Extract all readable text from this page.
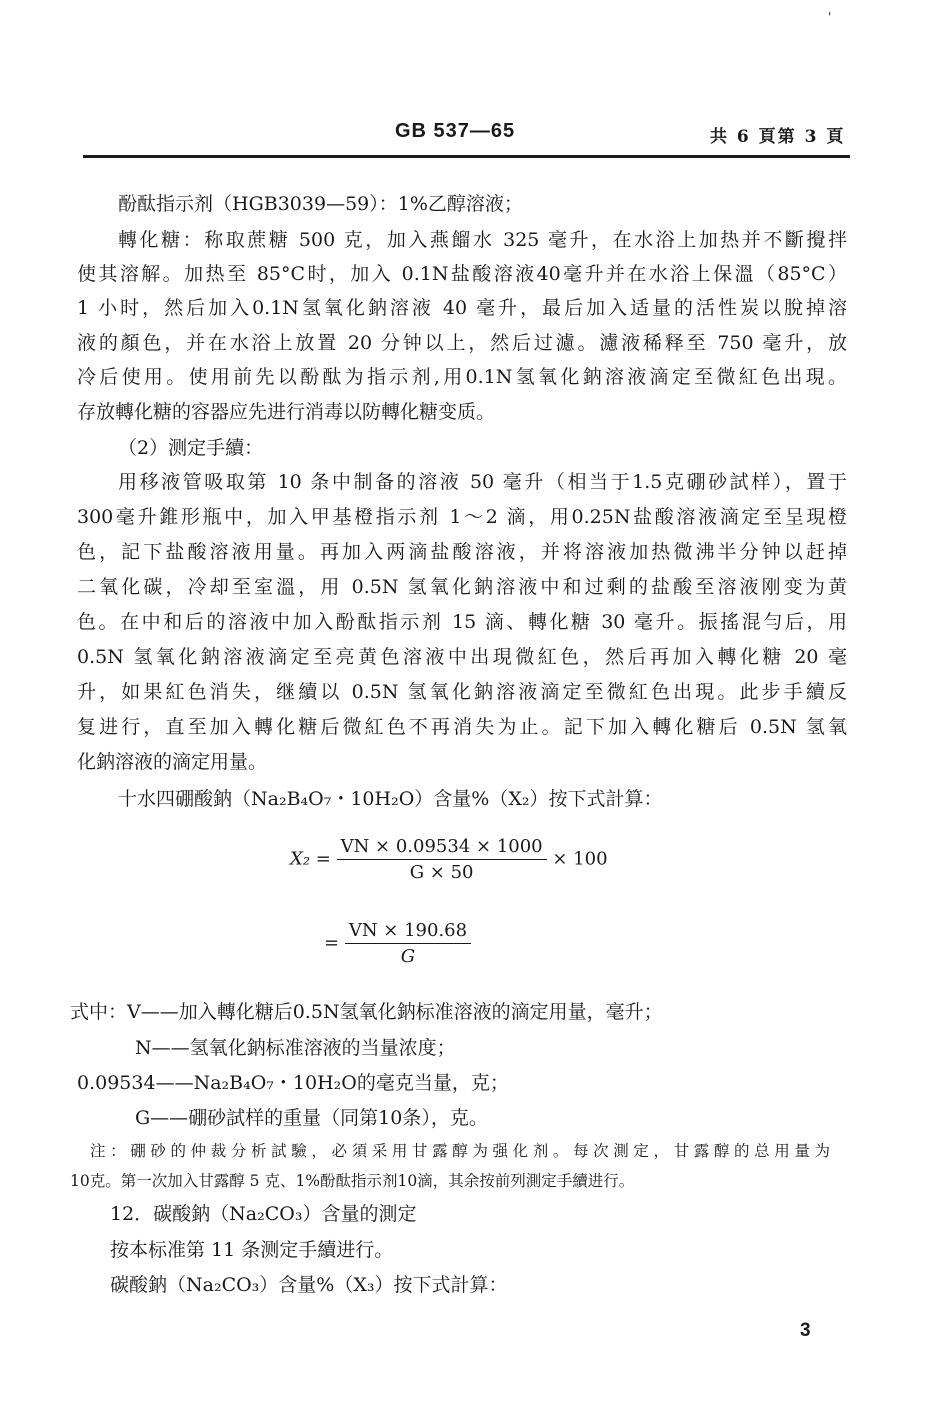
'
GB 537—65	共 6 頁第 3 頁
酚酞指示剂（HGB3039—59）：1%乙醇溶液；
轉化糖：称取蔗糖 500 克，加入燕餾水 325 毫升，在水浴上加热并不斷攪拌
使其溶解。加热至 85°C时，加入 0.1N盐酸溶液40毫升并在水浴上保溫（85°C）
1 小时，然后加入0.1N氢氧化鈉溶液 40 毫升，最后加入适量的活性炭以脫掉溶
液的顏色，并在水浴上放置 20 分钟以上，然后过濾。濾液稀释至 750 毫升，放
冷后使用。使用前先以酚酞为指示剂,用0.1N氢氧化鈉溶液滴定至微紅色出現。
存放轉化糖的容器应先进行消毒以防轉化糖变质。
（2）测定手續：
用移液管吸取第 10 条中制备的溶液 50 毫升（相当于1.5克硼砂試样），置于
300毫升錐形瓶中，加入甲基橙指示剂 1～2 滴，用0.25N盐酸溶液滴定至呈現橙
色，記下盐酸溶液用量。再加入两滴盐酸溶液，并将溶液加热微沸半分钟以赶掉
二氧化碳，冷却至室溫，用 0.5N 氢氧化鈉溶液中和过剩的盐酸至溶液刚变为黄
色。在中和后的溶液中加入酚酞指示剂 15 滴、轉化糖 30 毫升。振搖混勻后，用
0.5N 氢氧化鈉溶液滴定至亮黄色溶液中出現微紅色，然后再加入轉化糖 20 毫
升，如果紅色消失，继續以 0.5N 氢氧化鈉溶液滴定至微紅色出現。此步手續反
复进行，直至加入轉化糖后微紅色不再消失为止。記下加入轉化糖后 0.5N 氢氧
化鈉溶液的滴定用量。
十水四硼酸鈉（Na₂B₄O₇・10H₂O）含量%（X₂）按下式計算：
$X_2 = \frac{VN \times 0.09534 \times 1000}{G \times 50} \times 100$
= $\frac{VN \times 190.68}{G}$
式中：V——加入轉化糖后0.5N氢氧化鈉标准溶液的滴定用量，毫升；
N——氢氧化鈉标准溶液的当量浓度；
0.09534——Na₂B₄O₇・10H₂O的毫克当量，克；
G——硼砂試样的重量（同第10条），克。
注：硼砂的仲裁分析試驗，必須采用甘露醇为强化剂。每次測定，甘露醇的总用量为
10克。第一次加入甘露醇 5 克、1%酚酞指示剂10滴，其余按前列測定手續进行。
12．碳酸鈉（Na₂CO₃）含量的測定
按本标准第 11 条测定手續进行。
碳酸鈉（Na₂CO₃）含量%（X₃）按下式計算：
3
